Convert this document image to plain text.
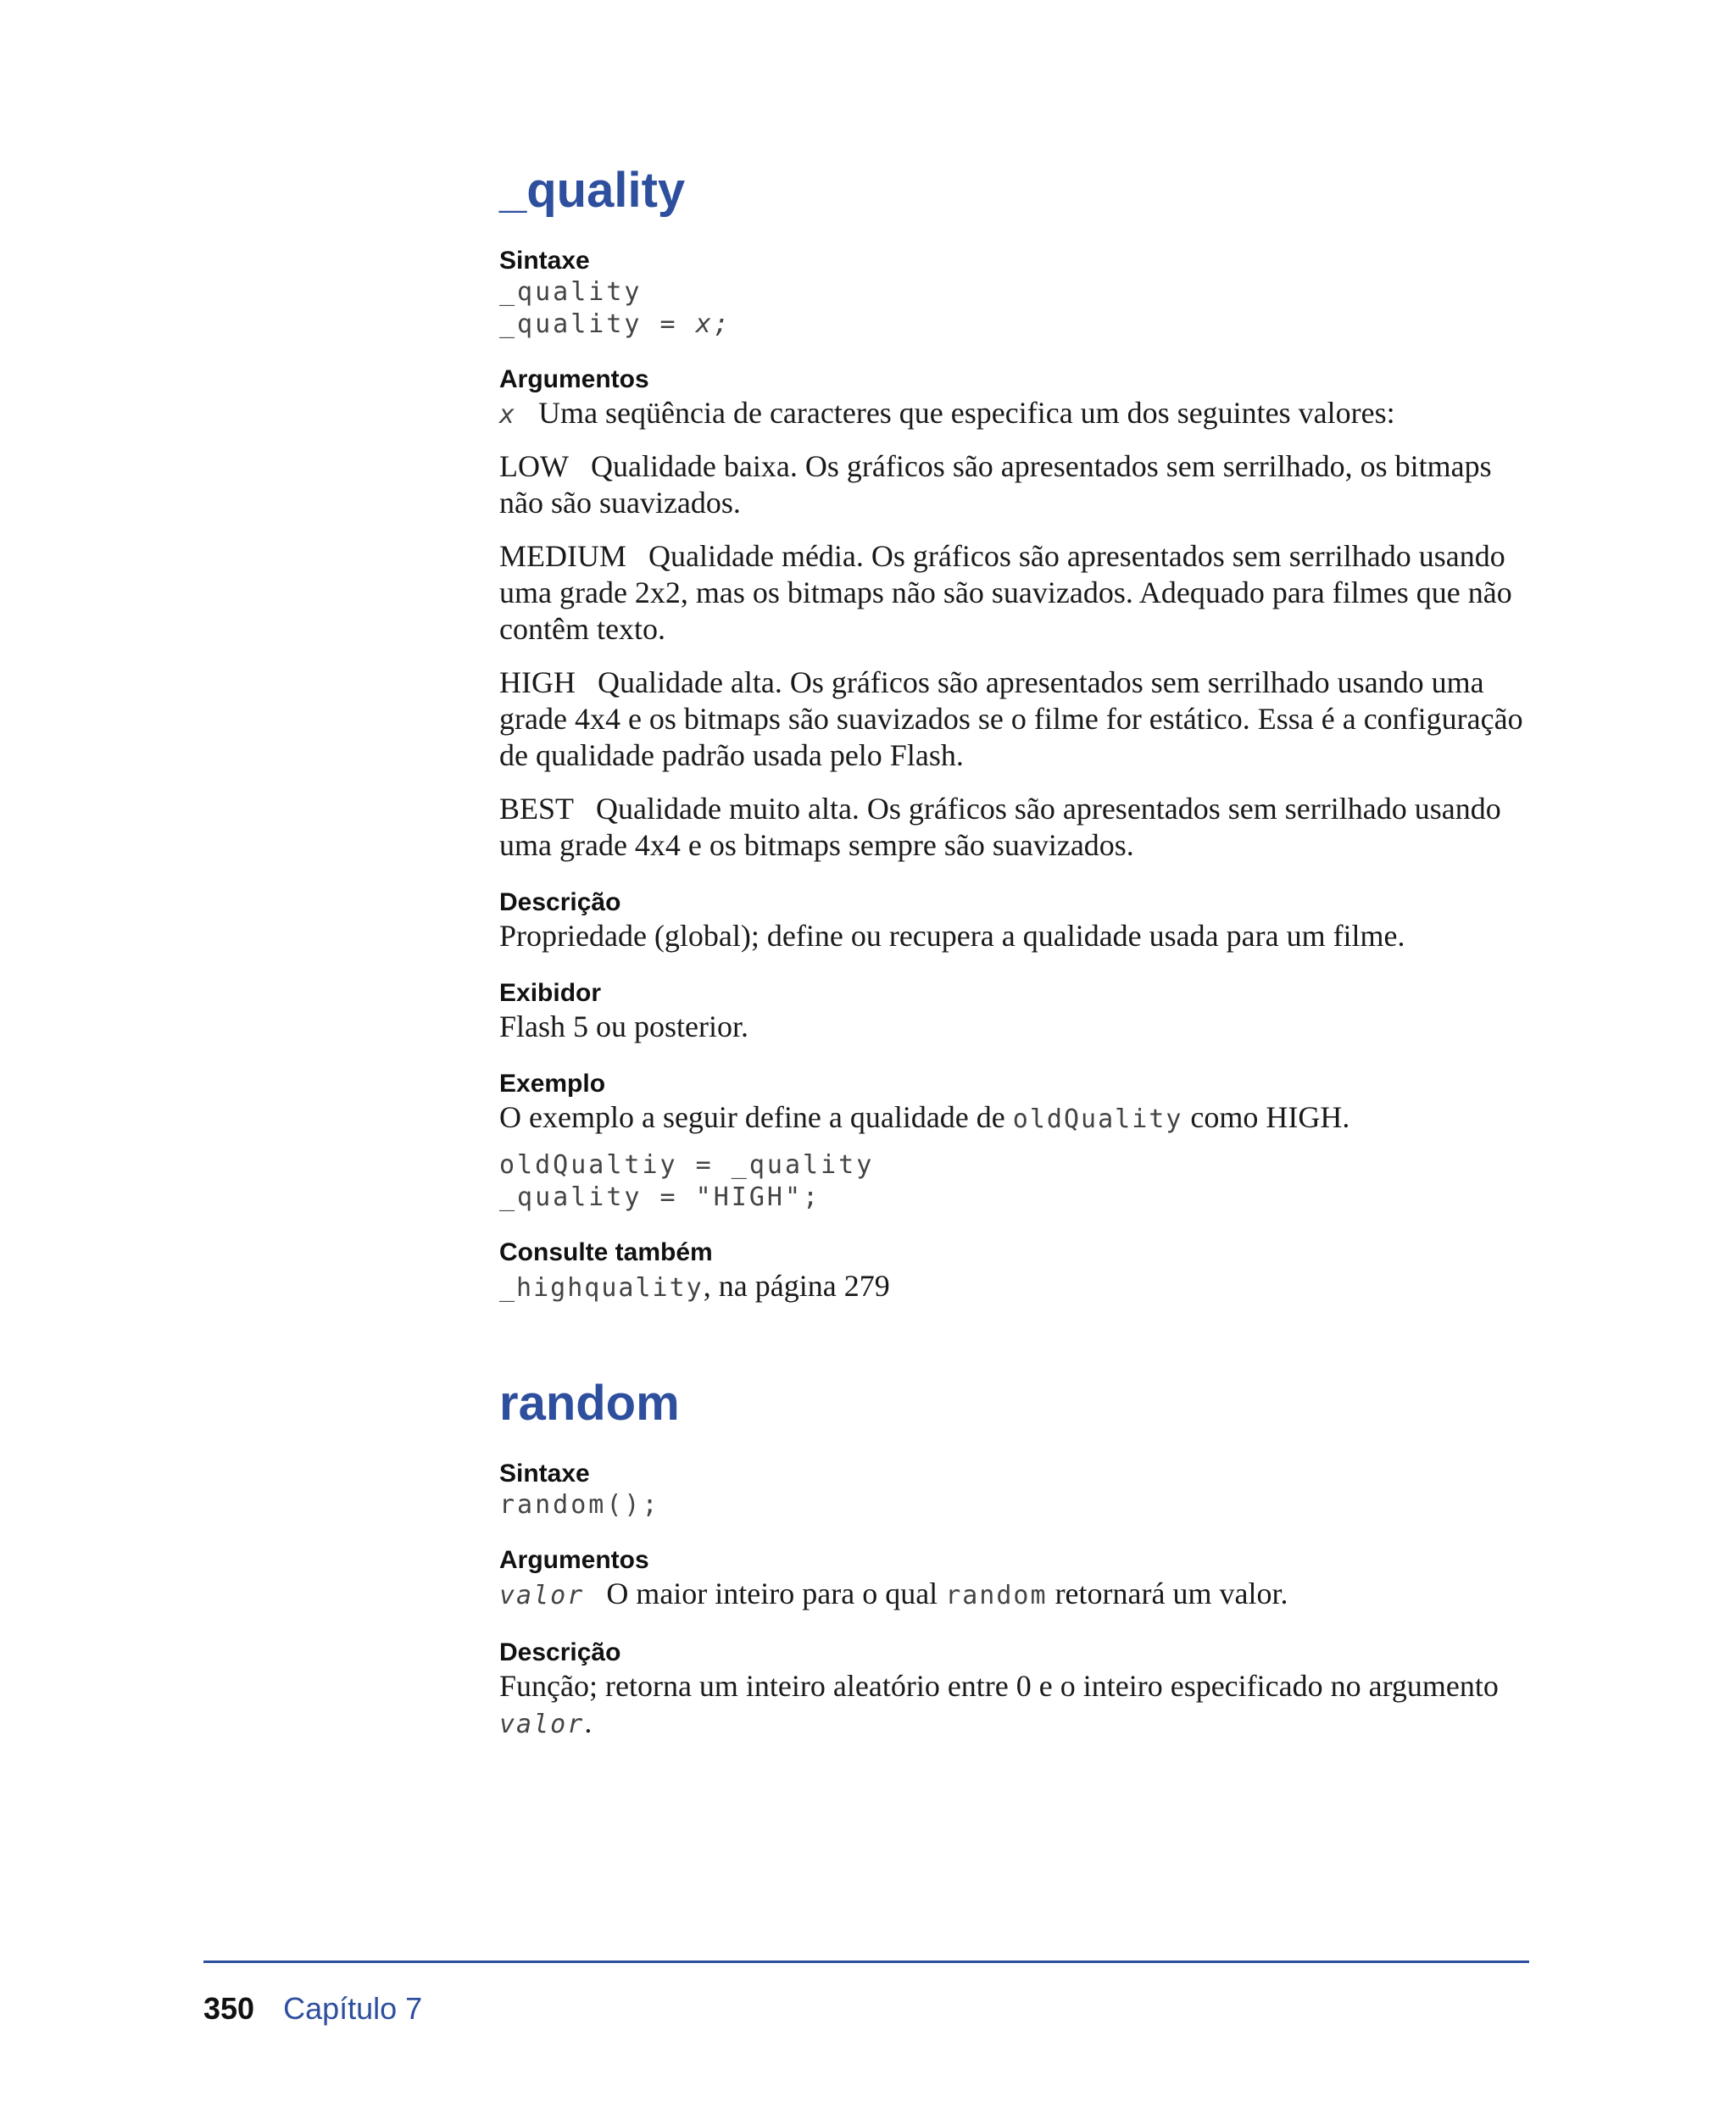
_quality
Sintaxe
_quality
_quality = x;
Argumentos

x Uma seqüência de caracteres que especifica um dos seguintes valores:

LOW Qualidade baixa. Os gráficos são apresentados sem serrilhado, os bitmaps não são suavizados.

MEDIUM Qualidade média. Os gráficos são apresentados sem serrilhado usando uma grade 2x2, mas os bitmaps não são suavizados. Adequado para filmes que não contêm texto.

HIGH Qualidade alta. Os gráficos são apresentados sem serrilhado usando uma grade 4x4 e os bitmaps são suavizados se o filme for estático. Essa é a configuração de qualidade padrão usada pelo Flash.

BEST Qualidade muito alta. Os gráficos são apresentados sem serrilhado usando uma grade 4x4 e os bitmaps sempre são suavizados.

Descrição

Propriedade (global); define ou recupera a qualidade usada para um filme.

Exibidor

Flash 5 ou posterior.

Exemplo

O exemplo a seguir define a qualidade de oldQuality como HIGH.

oldQualtiy = _quality
_quality = "HIGH";
Consulte também

_highquality, na página 279

random
Sintaxe
random();
Argumentos

valor O maior inteiro para o qual random retornará um valor.

Descrição

Função; retorna um inteiro aleatório entre 0 e o inteiro especificado no argumento valor.

350 Capítulo 7
